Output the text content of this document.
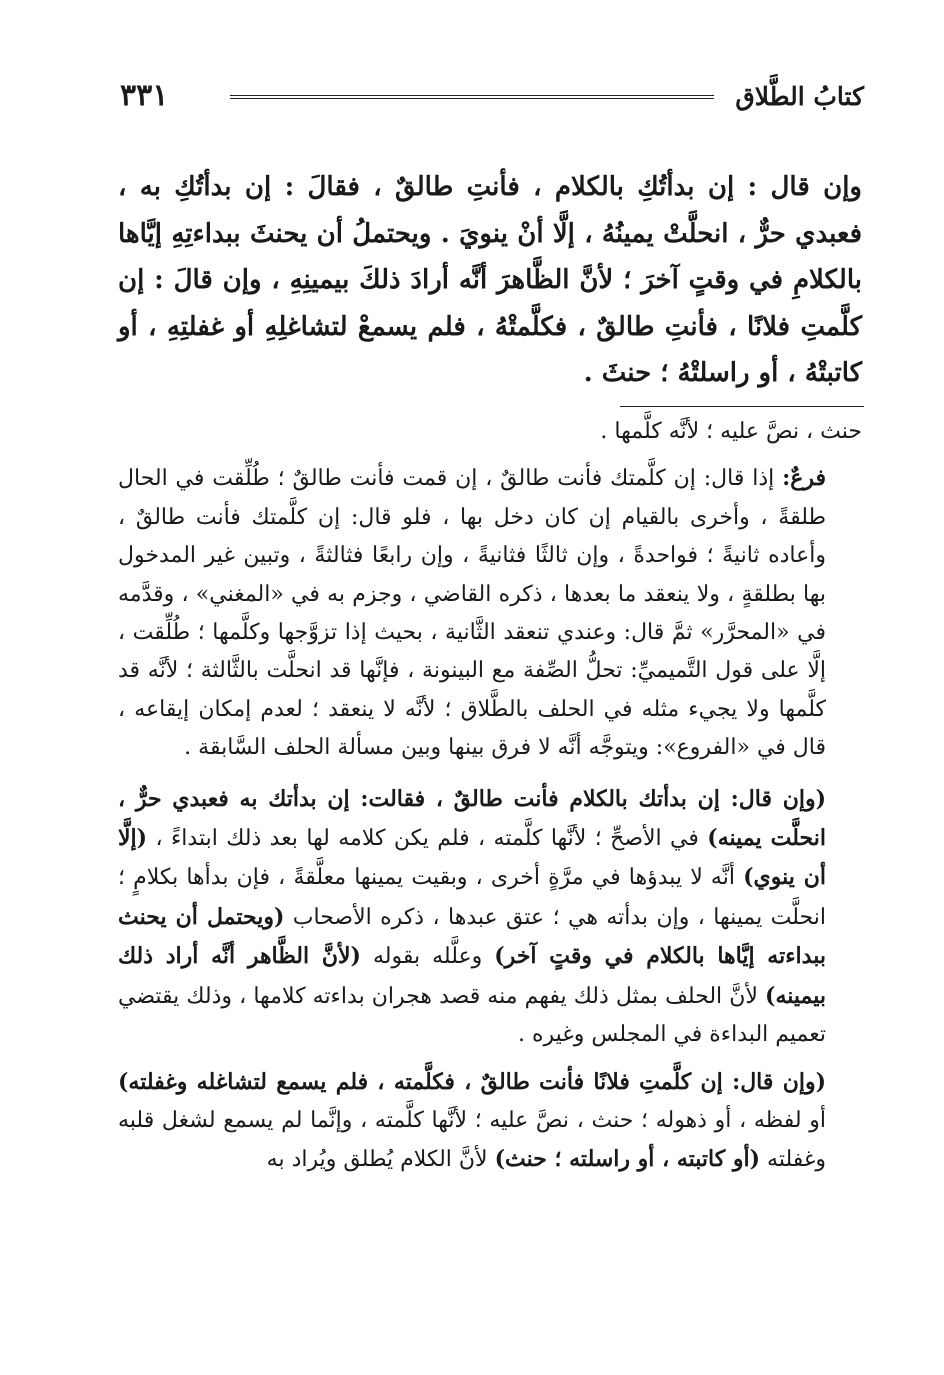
كتابُ الطَّلاق
٣٣١
وإن قال : إن بدأتُكِ بالكلام ، فأنتِ طالقٌ ، فقالَ : إن بدأتُكِ به ، فعبدي حرٌّ ، انحلَّتْ يمينُهُ ، إلَّا أنْ ينويَ . ويحتملُ أن يحنثَ ببداءتِهِ إيَّاها بالكلامِ في وقتٍ آخرَ ؛ لأنَّ الظَّاهرَ أنَّه أرادَ ذلكَ بيمينِهِ ، وإن قالَ : إن كلَّمتِ فلانًا ، فأنتِ طالقٌ ، فكلَّمتْهُ ، فلم يسمعْ لتشاغلِهِ أو غفلتِهِ ، أو كاتبتْهُ ، أو راسلتْهُ ؛ حنثَ .

حنث ، نصَّ عليه ؛ لأنَّه كلَّمها .

فرعٌ: إذا قال: إن كلَّمتك فأنت طالقٌ ، إن قمت فأنت طالقٌ ؛ طُلِّقت في الحال طلقةً ، وأخرى بالقيام إن كان دخل بها ، فلو قال: إن كلَّمتك فأنت طالقٌ ، وأعاده ثانيةً ؛ فواحدةً ، وإن ثالثًا فثانيةً ، وإن رابعًا فثالثةً ، وتبين غير المدخول بها بطلقةٍ ، ولا ينعقد ما بعدها ، ذكره القاضي ، وجزم به في «المغني» ، وقدَّمه في «المحرَّر» ثمَّ قال: وعندي تنعقد الثَّانية ، بحيث إذا تزوَّجها وكلَّمها ؛ طُلِّقت ، إلَّا على قول التَّميميِّ: تحلُّ الصِّفة مع البينونة ، فإنَّها قد انحلَّت بالثَّالثة ؛ لأنَّه قد كلَّمها ولا يجيء مثله في الحلف بالطَّلاق ؛ لأنَّه لا ينعقد ؛ لعدم إمكان إيقاعه ، قال في «الفروع»: ويتوجَّه أنَّه لا فرق بينها وبين مسألة الحلف السَّابقة .

(وإن قال: إن بدأتك بالكلام فأنت طالقٌ ، فقالت: إن بدأتك به فعبدي حرٌّ ، انحلَّت يمينه) في الأصحِّ ؛ لأنَّها كلَّمته ، فلم يكن كلامه لها بعد ذلك ابتداءً ، (إلَّا أن ينوي) أنَّه لا يبدؤها في مرَّةٍ أخرى ، وبقيت يمينها معلَّقةً ، فإن بدأها بكلامٍ ؛ انحلَّت يمينها ، وإن بدأته هي ؛ عتق عبدها ، ذكره الأصحاب (ويحتمل أن يحنث ببداءته إيَّاها بالكلام في وقتٍ آخر) وعلَّله بقوله (لأنَّ الظَّاهر أنَّه أراد ذلك بيمينه) لأنَّ الحلف بمثل ذلك يفهم منه قصد هجران بداءته كلامها ، وذلك يقتضي تعميم البداءة في المجلس وغيره .

(وإن قال: إن كلَّمتِ فلانًا فأنت طالقٌ ، فكلَّمته ، فلم يسمع لتشاغله وغفلته) أو لفظه ، أو ذهوله ؛ حنث ، نصَّ عليه ؛ لأنَّها كلَّمته ، وإنَّما لم يسمع لشغل قلبه وغفلته (أو كاتبته ، أو راسلته ؛ حنث) لأنَّ الكلام يُطلق ويُراد به
